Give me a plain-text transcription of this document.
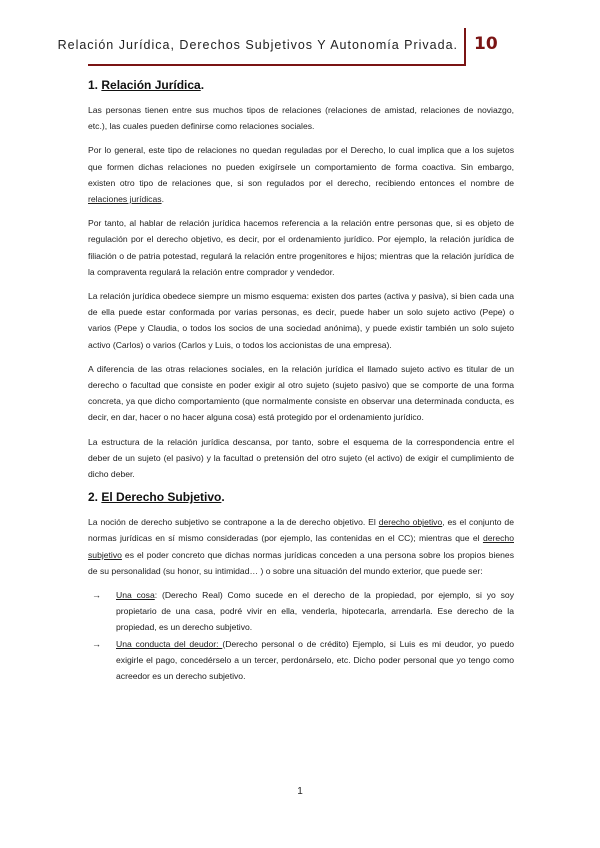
Relación Jurídica, Derechos Subjetivos Y Autonomía Privada. 10
1. Relación Jurídica.

Las personas tienen entre sus muchos tipos de relaciones (relaciones de amistad, relaciones de noviazgo, etc.), las cuales pueden definirse como relaciones sociales.

Por lo general, este tipo de relaciones no quedan reguladas por el Derecho, lo cual implica que a los sujetos que formen dichas relaciones no pueden exigírsele un comportamiento de forma coactiva. Sin embargo, existen otro tipo de relaciones que, si son regulados por el derecho, recibiendo entonces el nombre de relaciones jurídicas.

Por tanto, al hablar de relación jurídica hacemos referencia a la relación entre personas que, si es objeto de regulación por el derecho objetivo, es decir, por el ordenamiento jurídico. Por ejemplo, la relación jurídica de filiación o de patria potestad, regulará la relación entre progenitores e hijos; mientras que la relación jurídica de la compraventa regulará la relación entre comprador y vendedor.

La relación jurídica obedece siempre un mismo esquema: existen dos partes (activa y pasiva), si bien cada una de ella puede estar conformada por varias personas, es decir, puede haber un solo sujeto activo (Pepe) o varios (Pepe y Claudia, o todos los socios de una sociedad anónima), y puede existir también un solo sujeto activo (Carlos) o varios (Carlos y Luis, o todos los accionistas de una empresa).

A diferencia de las otras relaciones sociales, en la relación jurídica el llamado sujeto activo es titular de un derecho o facultad que consiste en poder exigir al otro sujeto (sujeto pasivo) que se comporte de una forma concreta, ya que dicho comportamiento (que normalmente consiste en observar una determinada conducta, es decir, en dar, hacer o no hacer alguna cosa) está protegido por el ordenamiento jurídico.

La estructura de la relación jurídica descansa, por tanto, sobre el esquema de la correspondencia entre el deber de un sujeto (el pasivo) y la facultad o pretensión del otro sujeto (el activo) de exigir el cumplimiento de dicho deber.

2. El Derecho Subjetivo.

La noción de derecho subjetivo se contrapone a la de derecho objetivo. El derecho objetivo, es el conjunto de normas jurídicas en sí mismo consideradas (por ejemplo, las contenidas en el CC); mientras que el derecho subjetivo es el poder concreto que dichas normas jurídicas conceden a una persona sobre los propios bienes de su personalidad (su honor, su intimidad… ) o sobre una situación del mundo exterior, que puede ser:

→ Una cosa: (Derecho Real) Como sucede en el derecho de la propiedad, por ejemplo, si yo soy propietario de una casa, podré vivir en ella, venderla, hipotecarla, arrendarla. Ese derecho de la propiedad, es un derecho subjetivo.
→ Una conducta del deudor: (Derecho personal o de crédito) Ejemplo, si Luis es mi deudor, yo puedo exigirle el pago, concedérselo a un tercer, perdonárselo, etc. Dicho poder personal que yo tengo como acreedor es un derecho subjetivo.
1
